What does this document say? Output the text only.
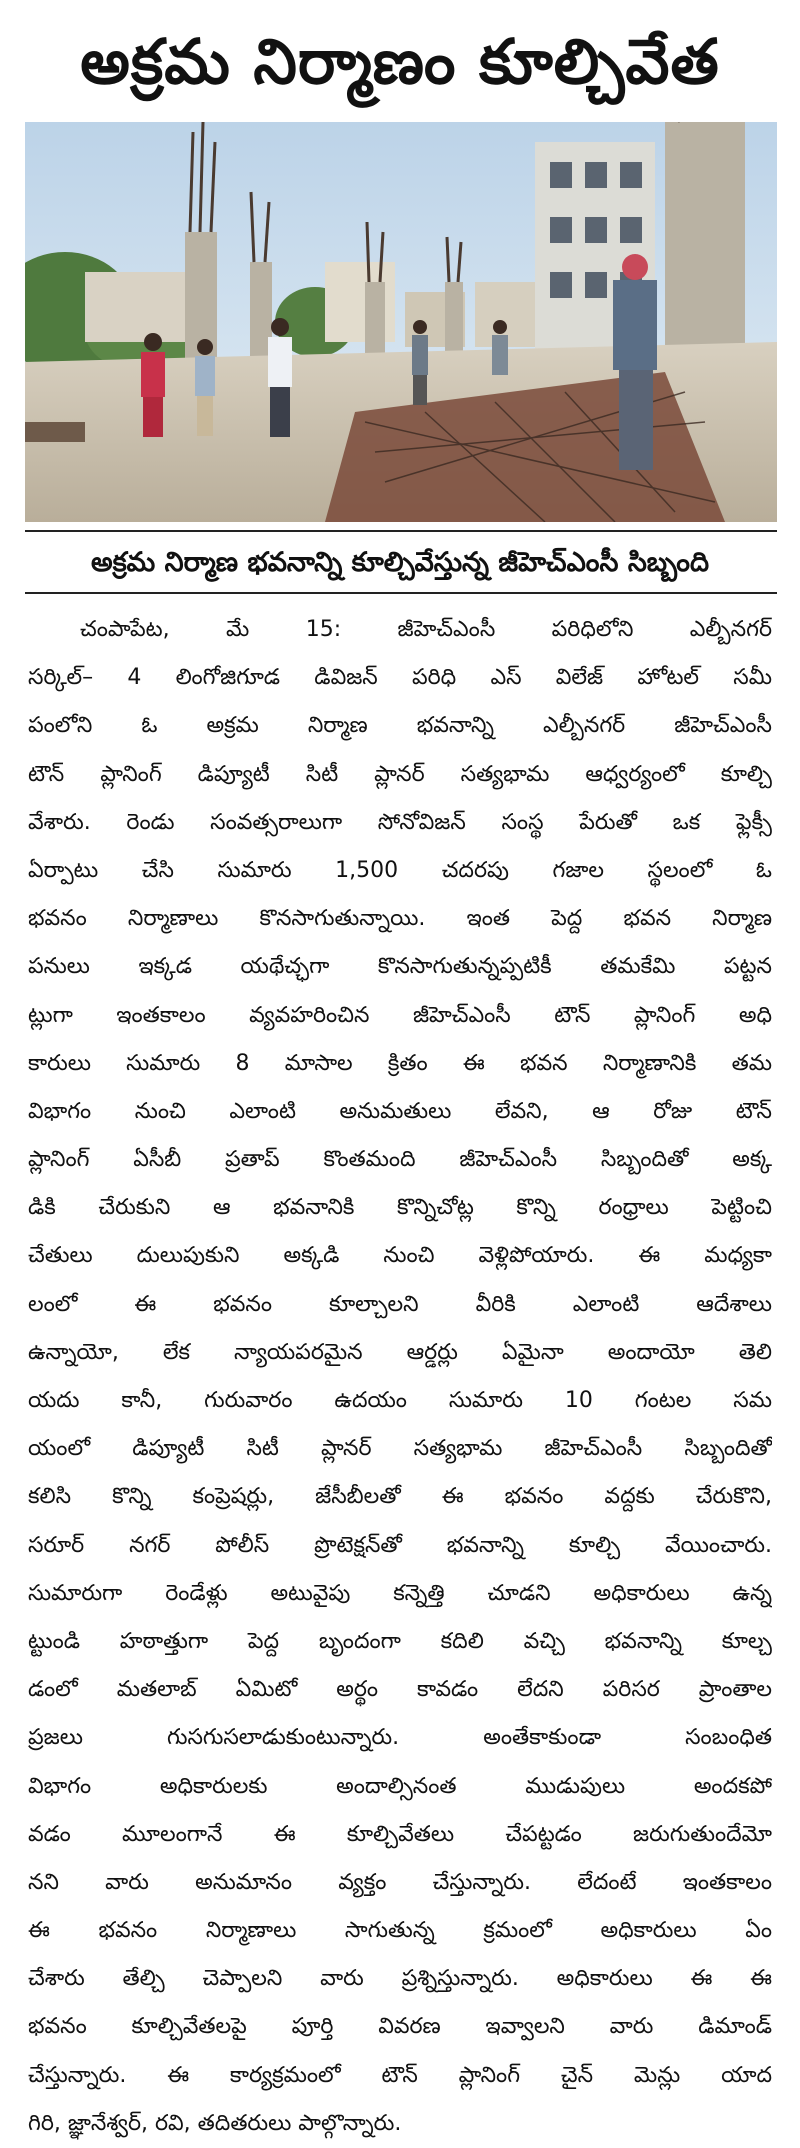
అక్రమ నిర్మాణం కూల్చివేత
అక్రమ నిర్మాణ భవనాన్ని కూల్చివేస్తున్న జీహెచ్‌ఎంసీ సిబ్బంది
చంపాపేట, మే 15: జీహెచ్‌ఎంసీ పరిధిలోని ఎల్బీనగర్
సర్కిల్– 4 లింగోజిగూడ డివిజన్ పరిధి ఎస్ విలేజ్ హోటల్ సమీ
పంలోని ఓ అక్రమ నిర్మాణ భవనాన్ని ఎల్బీనగర్ జీహెచ్‌ఎంసీ
టౌన్ ప్లానింగ్ డిప్యూటీ సిటీ ప్లానర్ సత్యభామ ఆధ్వర్యంలో కూల్చి
వేశారు. రెండు సంవత్సరాలుగా సోనోవిజన్ సంస్థ పేరుతో ఒక ఫ్లెక్సీ
ఏర్పాటు చేసి సుమారు 1,500 చదరపు గజాల స్థలంలో ఓ
భవనం నిర్మాణాలు కొనసాగుతున్నాయి. ఇంత పెద్ద భవన నిర్మాణ
పనులు ఇక్కడ యథేచ్ఛగా కొనసాగుతున్నప్పటికీ తమకేమి పట్టన
ట్లుగా ఇంతకాలం వ్యవహరించిన జీహెచ్‌ఎంసీ టౌన్ ప్లానింగ్ అధి
కారులు సుమారు 8 మాసాల క్రితం ఈ భవన నిర్మాణానికి తమ
విభాగం నుంచి ఎలాంటి అనుమతులు లేవని, ఆ రోజు టౌన్
ప్లానింగ్ ఏసీబీ ప్రతాప్ కొంతమంది జీహెచ్‌ఎంసీ సిబ్బందితో అక్క
డికి చేరుకుని ఆ భవనానికి కొన్నిచోట్ల కొన్ని రంధ్రాలు పెట్టించి
చేతులు దులుపుకుని అక్కడి నుంచి వెళ్లిపోయారు. ఈ మధ్యకా
లంలో ఈ భవనం కూల్చాలని వీరికి ఎలాంటి ఆదేశాలు
ఉన్నాయో, లేక న్యాయపరమైన ఆర్డర్లు ఏమైనా అందాయో తెలి
యదు కానీ, గురువారం ఉదయం సుమారు 10 గంటల సమ
యంలో డిప్యూటీ సిటీ ప్లానర్ సత్యభామ జీహెచ్‌ఎంసీ సిబ్బందితో
కలిసి కొన్ని కంప్రెషర్లు, జేసీబీలతో ఈ భవనం వద్దకు చేరుకొని,
సరూర్ నగర్ పోలీస్ ప్రొటెక్షన్‌తో భవనాన్ని కూల్చి వేయించారు.
సుమారుగా రెండేళ్లు అటువైపు కన్నెత్తి చూడని అధికారులు ఉన్న
ట్టుండి హఠాత్తుగా పెద్ద బృందంగా కదిలి వచ్చి భవనాన్ని కూల్చ
డంలో మతలాబ్ ఏమిటో అర్థం కావడం లేదని పరిసర ప్రాంతాల
ప్రజలు గుసగుసలాడుకుంటున్నారు. అంతేకాకుండా సంబంధిత
విభాగం అధికారులకు అందాల్సినంత ముడుపులు అందకపో
వడం మూలంగానే ఈ కూల్చివేతలు చేపట్టడం జరుగుతుందేమో
నని వారు అనుమానం వ్యక్తం చేస్తున్నారు. లేదంటే ఇంతకాలం
ఈ భవనం నిర్మాణాలు సాగుతున్న క్రమంలో అధికారులు ఏం
చేశారు తేల్చి చెప్పాలని వారు ప్రశ్నిస్తున్నారు. అధికారులు ఈ ఈ
భవనం కూల్చివేతలపై పూర్తి వివరణ ఇవ్వాలని వారు డిమాండ్
చేస్తున్నారు. ఈ కార్యక్రమంలో టౌన్ ప్లానింగ్ చైన్ మెన్లు యాద
గిరి, జ్ఞానేశ్వర్, రవి, తదితరులు పాల్గొన్నారు.
